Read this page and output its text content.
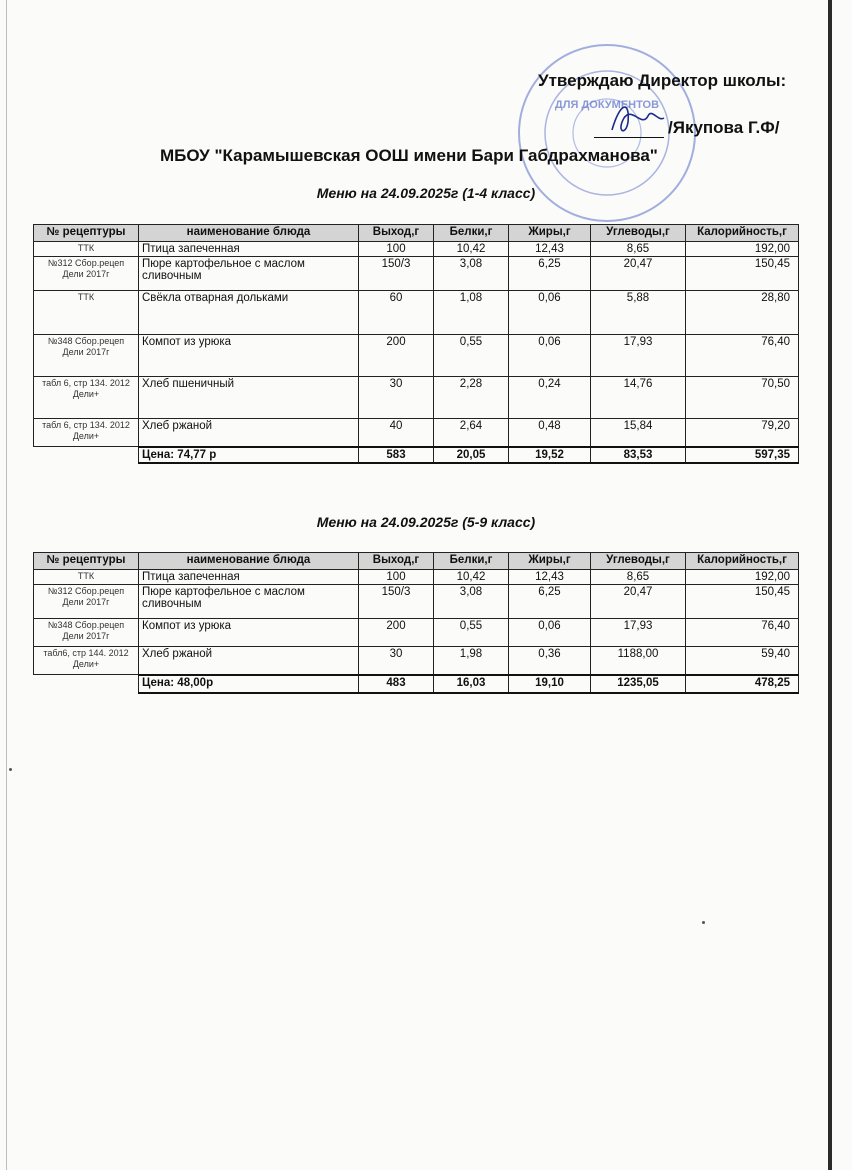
ДЛЯ ДОКУМЕНТОВ
Утверждаю Директор школы:
/Якупова Г.Ф/
МБОУ "Карамышевская ООШ имени Бари Габдрахманова"
Меню на 24.09.2025г (1-4 класс)
№ рецептуры	наименование блюда	Выход,г	Белки,г	Жиры,г	Углеводы,г	Калорийность,г
ТТК	Птица запеченная	100	10,42	12,43	8,65	192,00
№312 Сбор.рецеп Дели 2017г	Пюре картофельное с маслом сливочным	150/3	3,08	6,25	20,47	150,45
ТТК	Свёкла отварная дольками	60	1,08	0,06	5,88	28,80
№348 Сбор.рецеп Дели 2017г	Компот из урюка	200	0,55	0,06	17,93	76,40
табл 6, стр 134. 2012 Дели+	Хлеб пшеничный	30	2,28	0,24	14,76	70,50
табл 6, стр 134. 2012 Дели+	Хлеб ржаной	40	2,64	0,48	15,84	79,20
	Цена: 74,77 р	583	20,05	19,52	83,53	597,35
Меню на 24.09.2025г (5-9 класс)
№ рецептуры	наименование блюда	Выход,г	Белки,г	Жиры,г	Углеводы,г	Калорийность,г
ТТК	Птица запеченная	100	10,42	12,43	8,65	192,00
№312 Сбор.рецеп Дели 2017г	Пюре картофельное с маслом сливочным	150/3	3,08	6,25	20,47	150,45
№348 Сбор.рецеп Дели 2017г	Компот из урюка	200	0,55	0,06	17,93	76,40
табл6, стр 144. 2012 Дели+	Хлеб ржаной	30	1,98	0,36	1188,00	59,40
	Цена: 48,00р	483	16,03	19,10	1235,05	478,25
